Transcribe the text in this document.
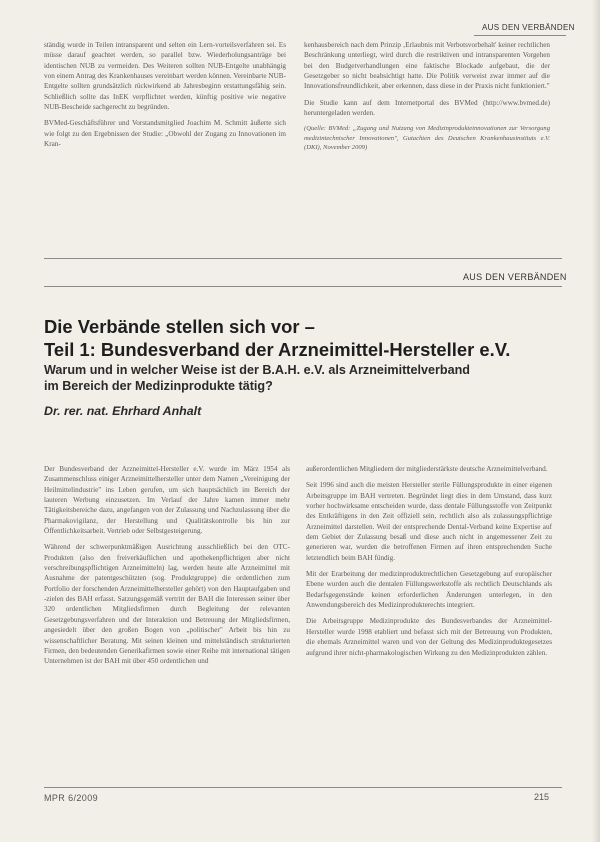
AUS DEN VERBÄNDEN

ständig wurde in Teilen intransparent und selten ein Lern-vorteilsverfahren sei. Es müsse darauf geachtet werden, so parallel bzw. Wiederholungsanträge bei identischen NUB zu vermeiden. Des Weiteren sollten NUB-Entgelte unabhängig von einem Antrag des Krankenhauses vereinbart werden können. Vereinbarte NUB-Entgelte sollten grundsätzlich rückwirkend ab Jahresbeginn erstattungsfähig sein. Schließlich sollte das InEK verpflichtet werden, künftig positive wie negative NUB-Bescheide sachgerecht zu begründen.

BVMed-Geschäftsführer und Vorstandsmitglied Joachim M. Schmitt äußerte sich wie folgt zu den Ergebnissen der Studie: „Obwohl der Zugang zu Innovationen im Kran-

kenhausbereich nach dem Prinzip ‚Erlaubnis mit Verbotsvorbehalt' keiner rechtlichen Beschränkung unterliegt, wird durch die restriktiven und intransparenten Vorgehen bei den Budgetverhandlungen eine faktische Blockade aufgebaut, die der Gesetzgeber so nicht beabsichtigt hatte. Die Politik verweist zwar immer auf die Innovationsfreundlichkeit, aber erkennen, dass diese in der Praxis nicht funktioniert."

Die Studie kann auf dem Internetportal des BVMed (http://www.bvmed.de) heruntergeladen werden.

(Quelle: BVMed: „Zugang und Nutzung von Medizinprodukteinnovationen zur Versorgung medizintechnischer Innovationen", Gutachten des Deutschen Krankenhausinstituts e.V. (DKI), November 2009)

AUS DEN VERBÄNDEN
Die Verbände stellen sich vor –
Teil 1: Bundesverband der Arzneimittel-Hersteller e.V.
Warum und in welcher Weise ist der B.A.H. e.V. als Arzneimittelverband
im Bereich der Medizinprodukte tätig?
Dr. rer. nat. Ehrhard Anhalt

Der Bundesverband der Arzneimittel-Hersteller e.V. wurde im März 1954 als Zusammenschluss einiger Arzneimittelhersteller unter dem Namen „Vereinigung der Heilmittelindustrie" ins Leben gerufen, um sich hauptsächlich im Bereich der lauteren Werbung einzusetzen. Im Verlauf der Jahre kamen immer mehr Tätigkeitsbereiche dazu, angefangen von der Zulassung und Nachzulassung über die Pharmakovigilanz, der Herstellung und Qualitätskontrolle bis hin zur Öffentlichkeitsarbeit. Vertrieb oder Selbstgesteigerung.

Während der schwerpunktmäßigen Ausrichtung ausschließlich bei den OTC-Produkten (also den freiverkäuflichen und apothekenpflichtigen aber nicht verschreibungspflichtigen Arzneimitteln) lag, werden heute alle Arzneimittel mit Ausnahme der patentgeschützten (sog. Produktgruppe) die ordentlichen zum Portfolio der forschenden Arzneimittelhersteller gehört) von den Hauptaufgaben und -zielen des BAH erfasst. Satzungsgemäß vertritt der BAH die Interessen seiner über 320 ordentlichen Mitgliedsfirmen durch Begleitung der relevanten Gesetzgebungsverfahren und der Interaktion und Betreuung der Mitgliedsfirmen, angesiedelt über den großen Bogen von „politischer" Arbeit bis hin zu wissenschaftlicher Beratung. Mit seinen kleinen und mittelständisch strukturierten Firmen, den bedeutenden Generikafirmen sowie einer Reihe mit international tätigen Unternehmen ist der BAH mit über 450 ordentlichen und

außerordentlichen Mitgliedern der mitgliederstärkste deutsche Arzneimittelverband.

Seit 1996 sind auch die meisten Hersteller sterile Füllungsprodukte in einer eigenen Arbeitsgruppe im BAH vertreten. Begründet liegt dies in dem Umstand, dass kurz vorher hochwirksame entscheiden wurde, dass dentale Füllungsstoffe von Zeitpunkt des Entkräftigens in den Zeit offiziell sein, rechtlich also als zulassungspflichtige Arzneimittel darstellen. Weil der entsprechende Dental-Verband keine Expertise auf dem Gebiet der Zulassung besaß und diese auch nicht in angemessener Zeit zu generieren war, wurden die betroffenen Firmen auf ihren entsprechenden Suche letztendlich beim BAH fündig.

Mit der Erarbeitung der medizinproduktrechtlichen Gesetzgebung auf europäischer Ebene wurden auch die dentalen Füllungswerkstoffe als rechtlich Deutschlands als Bedarfsgegenstände keinen erforderlichen Änderungen unterlegen, in den Anwendungsbereich des Medizinprodukterechts integriert.

Die Arbeitsgruppe Medizinprodukte des Bundesverbandes der Arzneimittel-Hersteller wurde 1998 etabliert und befasst sich mit der Betreuung von Produkten, die ehemals Arzneimittel waren und von der Geltung des Medizinproduktegesetzes aufgrund ihrer nicht-pharmakologischen Wirkung zu den Medizinprodukten zählen.

MPR 6/2009	215
